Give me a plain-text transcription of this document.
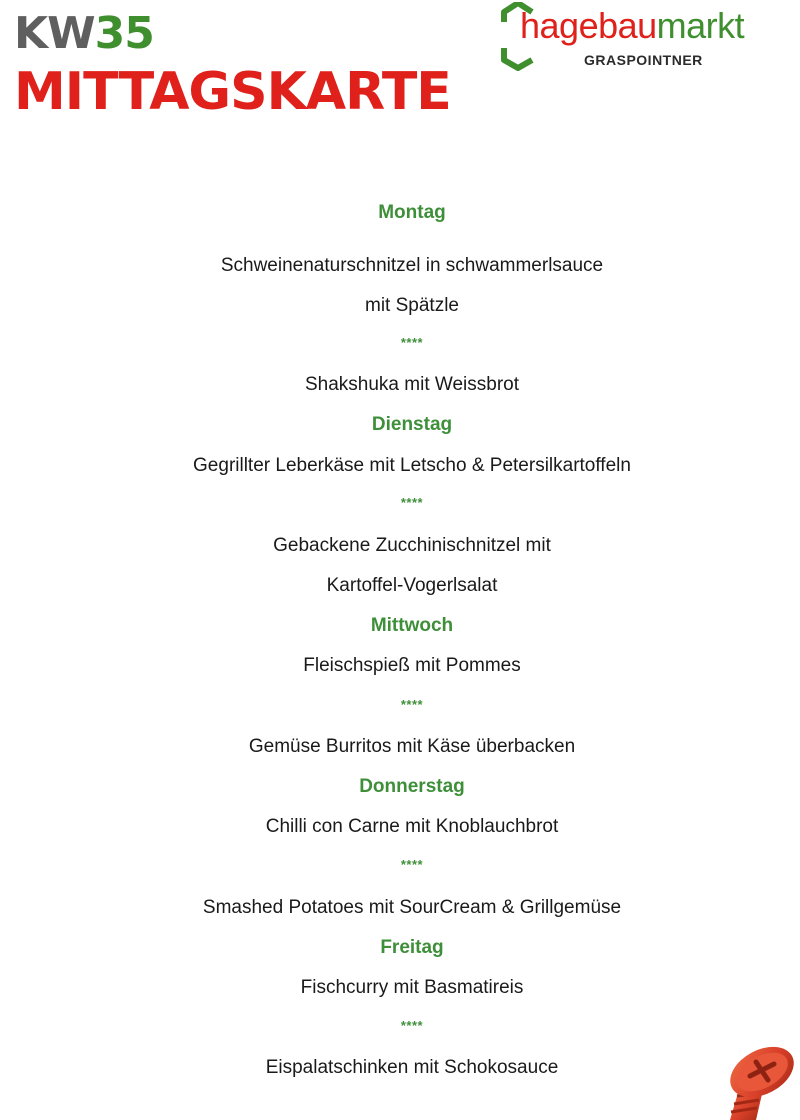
KW35
MITTAGSKARTE
hagebaumarkt
GRASPOINTNER
Montag
Schweinenaturschnitzel in schwammerlsauce
mit Spätzle
****
Shakshuka mit Weissbrot
Dienstag
Gegrillter Leberkäse mit Letscho & Petersilkartoffeln
****
Gebackene Zucchinischnitzel mit
Kartoffel-Vogerlsalat
Mittwoch
Fleischspieß mit Pommes
****
Gemüse Burritos mit Käse überbacken
Donnerstag
Chilli con Carne mit Knoblauchbrot
****
Smashed Potatoes mit SourCream & Grillgemüse
Freitag
Fischcurry mit Basmatireis
****
Eispalatschinken mit Schokosauce
